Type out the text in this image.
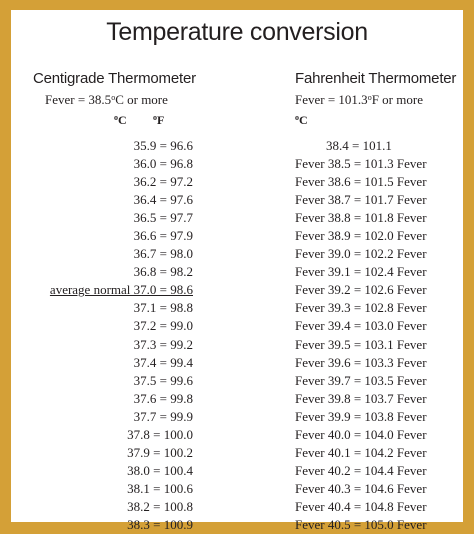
Temperature conversion
Centigrade Thermometer
Fever = $38.5^oC$ or more
$^o$C	$^o$F
Fahrenheit Thermometer
Fever = $101.3^oF$ or more
$^o$C
35.9 = 96.6
36.0 = 96.8
36.2 = 97.2
36.4 = 97.6
36.5 = 97.7
36.6 = 97.9
36.7 = 98.0
36.8 = 98.2
average normal 37.0 = 98.6
37.1 = 98.8
37.2 = 99.0
37.3 = 99.2
37.4 = 99.4
37.5 = 99.6
37.6 = 99.8
37.7 = 99.9
37.8 = 100.0
37.9 = 100.2
38.0 = 100.4
38.1 = 100.6
38.2 = 100.8
38.3 = 100.9
38.4 = 101.1
Fever 38.5 = 101.3 Fever
Fever 38.6 = 101.5 Fever
Fever 38.7 = 101.7 Fever
Fever 38.8 = 101.8 Fever
Fever 38.9 = 102.0 Fever
Fever 39.0 = 102.2 Fever
Fever 39.1 = 102.4 Fever
Fever 39.2 = 102.6 Fever
Fever 39.3 = 102.8 Fever
Fever 39.4 = 103.0 Fever
Fever 39.5 = 103.1 Fever
Fever 39.6 = 103.3 Fever
Fever 39.7 = 103.5 Fever
Fever 39.8 = 103.7 Fever
Fever 39.9 = 103.8 Fever
Fever 40.0 = 104.0 Fever
Fever 40.1 = 104.2 Fever
Fever 40.2 = 104.4 Fever
Fever 40.3 = 104.6 Fever
Fever 40.4 = 104.8 Fever
Fever 40.5 = 105.0 Fever
